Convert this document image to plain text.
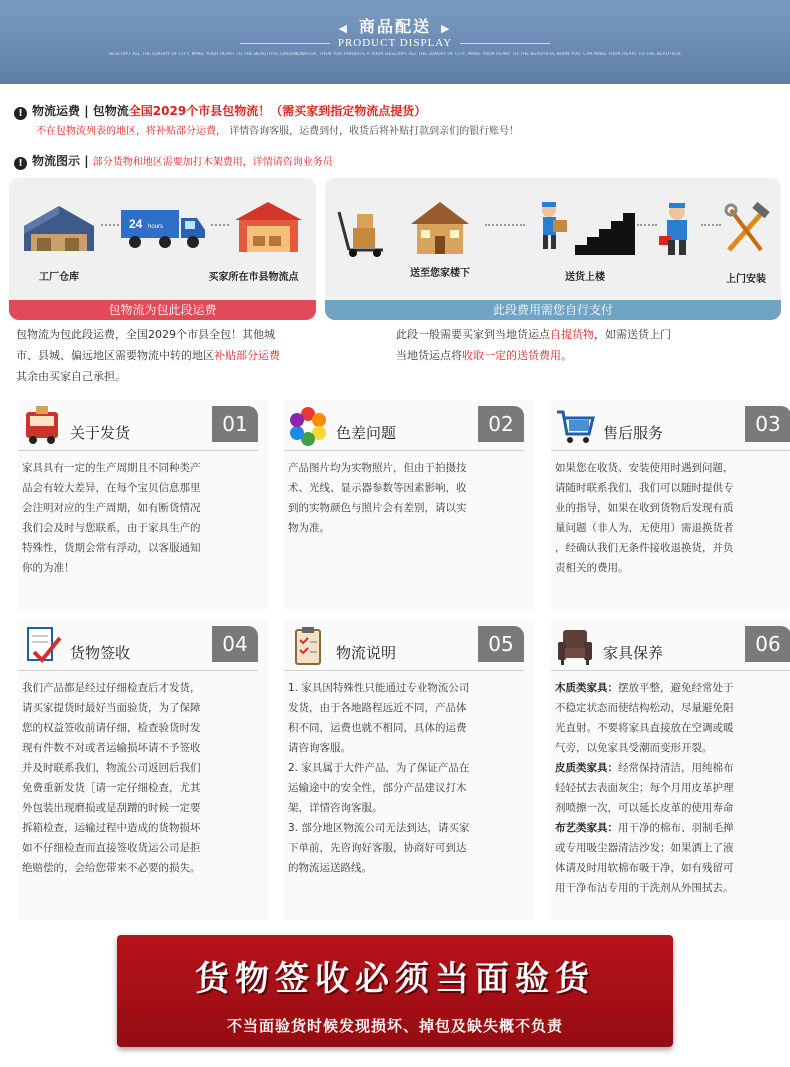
◀ 商品配送 ▶
PRODUCT DISPLAY
DESCRIPT ALL THE LUXURY OF CITY, MAKE YOUR HEART TO THE BEAUTIFUL GROUNDWATER, THEN YOU FAVORITE A YOUR DESCRIPT ALL THE LUXURY OF CITY, MAKE YOUR HEART TO THE BEAUTIFUL BORN YOU. CAR MAKE YOUR HEART TO THE BEAUTIFUL
! 物流运费 | 包物流全国2029个市县包物流！（需买家到指定物流点提货）
不在包物流列表的地区，将补贴部分运费， 详情咨询客服，运费到付，收货后将补贴打款到亲们的银行账号！
! 物流图示 | 部分货物和地区需要加打木架费用，详情请咨询业务员
工厂仓库
24 hours
买家所在市县物流点
包物流为包此段运费
送至您家楼下	送货上楼	上门安装
此段费用需您自行支付
包物流为包此段运费，全国2029个市县全包！其他城
市、县城、偏远地区需要物流中转的地区补贴部分运费
其余由买家自己承担。
此段一般需要买家到当地货运点自提货物，如需送货上门
当地货运点将收取一定的送货费用。
关于发货	01

家具具有一定的生产周期且不同种类产

品会有较大差异，在每个宝贝信息那里

会注明对应的生产周期，如有断货情况

我们会及时与您联系，由于家具生产的

特殊性，货期会常有浮动，以客服通知

你的为准！

色差问题	02

产品图片均为实物照片，但由于拍摄技

术、光线、显示器参数等因素影响，收

到的实物颜色与照片会有差别，请以实

物为准。

售后服务	03

如果您在收货、安装使用时遇到问题，

请随时联系我们，我们可以随时提供专

业的指导，如果在收到货物后发现有质

量问题（非人为，无使用）需退换货者

，经确认我们无条件接收退换货，并负

责相关的费用。

货物签收	04

我们产品都是经过仔细检查后才发货，

请买家提货时最好当面验货，为了保障

您的权益签收前请仔细，检查验货时发

现有件数不对或者运输损坏请不予签收

并及时联系我们，物流公司返回后我们

免费重新发货［请一定仔细检查，尤其

外包装出现磨损或是刮蹭的时候一定要

拆箱检查，运输过程中造成的货物损坏

如不仔细检查而直接签收货运公司是拒

绝赔偿的，会给您带来不必要的损失。

物流说明	05

1. 家具因特殊性只能通过专业物流公司

发货，由于各地路程远近不同，产品体

积不同，运费也就不相同，具体的运费

请咨询客服。

2. 家具属于大件产品，为了保证产品在

运输途中的安全性，部分产品建议打木

架，详情咨询客服。

3. 部分地区物流公司无法到达，请买家

下单前，先咨询好客服，协商好可到达

的物流运送路线。

家具保养	06

木质类家具：摆放平整，避免经常处于

不稳定状态而使结构松动，尽量避免阳

光直射。不要将家具直接放在空调或暖

气旁，以免家具受潮而变形开裂。

皮质类家具：经常保持清洁，用纯棉布

轻轻拭去表面灰尘；每个月用皮革护理

剂喷擦一次，可以延长皮革的使用寿命

布艺类家具：用干净的棉布、羽制毛掸

或专用吸尘器清洁沙发；如果洒上了液

体请及时用软棉布吸干净，如有残留可

用干净布沾专用的干洗剂从外围拭去。

货物签收必须当面验货
不当面验货时候发现损坏、掉包及缺失概不负责
